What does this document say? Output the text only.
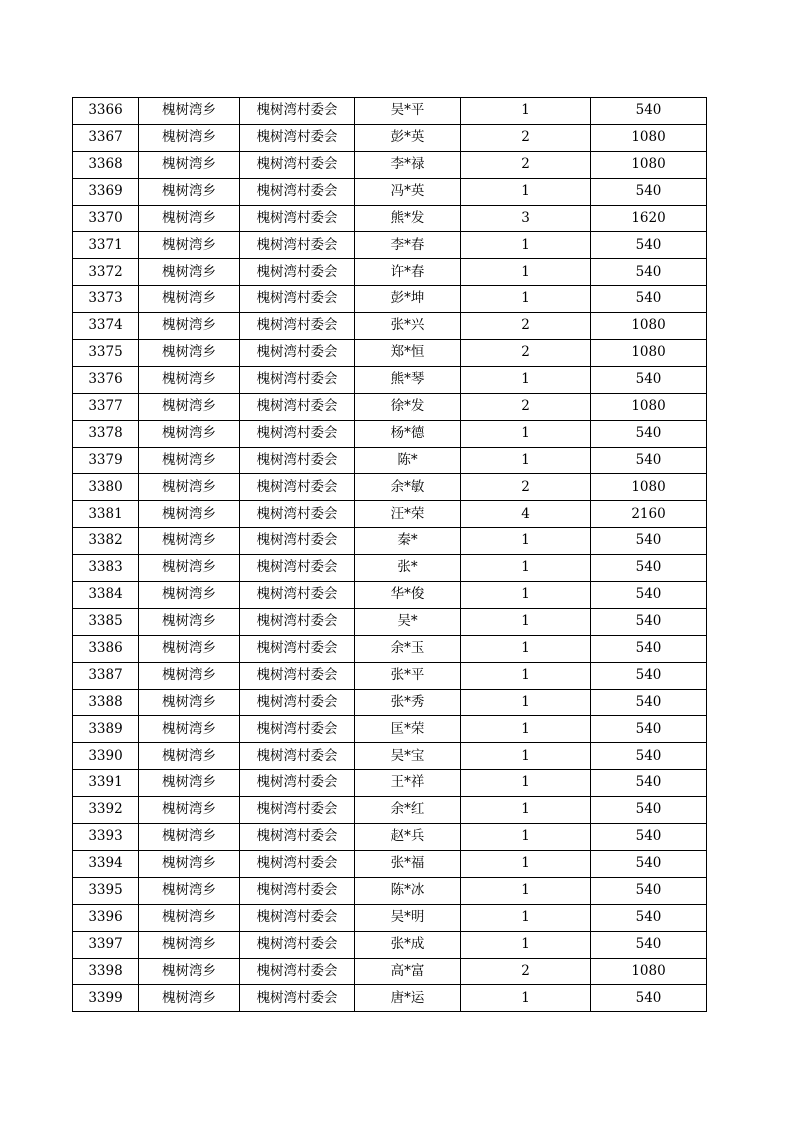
3366	槐树湾乡	槐树湾村委会	吴*平	1	540
3367	槐树湾乡	槐树湾村委会	彭*英	2	1080
3368	槐树湾乡	槐树湾村委会	李*禄	2	1080
3369	槐树湾乡	槐树湾村委会	冯*英	1	540
3370	槐树湾乡	槐树湾村委会	熊*发	3	1620
3371	槐树湾乡	槐树湾村委会	李*春	1	540
3372	槐树湾乡	槐树湾村委会	许*春	1	540
3373	槐树湾乡	槐树湾村委会	彭*坤	1	540
3374	槐树湾乡	槐树湾村委会	张*兴	2	1080
3375	槐树湾乡	槐树湾村委会	郑*恒	2	1080
3376	槐树湾乡	槐树湾村委会	熊*琴	1	540
3377	槐树湾乡	槐树湾村委会	徐*发	2	1080
3378	槐树湾乡	槐树湾村委会	杨*德	1	540
3379	槐树湾乡	槐树湾村委会	陈*	1	540
3380	槐树湾乡	槐树湾村委会	余*敏	2	1080
3381	槐树湾乡	槐树湾村委会	汪*荣	4	2160
3382	槐树湾乡	槐树湾村委会	秦*	1	540
3383	槐树湾乡	槐树湾村委会	张*	1	540
3384	槐树湾乡	槐树湾村委会	华*俊	1	540
3385	槐树湾乡	槐树湾村委会	吴*	1	540
3386	槐树湾乡	槐树湾村委会	余*玉	1	540
3387	槐树湾乡	槐树湾村委会	张*平	1	540
3388	槐树湾乡	槐树湾村委会	张*秀	1	540
3389	槐树湾乡	槐树湾村委会	匡*荣	1	540
3390	槐树湾乡	槐树湾村委会	吴*宝	1	540
3391	槐树湾乡	槐树湾村委会	王*祥	1	540
3392	槐树湾乡	槐树湾村委会	余*红	1	540
3393	槐树湾乡	槐树湾村委会	赵*兵	1	540
3394	槐树湾乡	槐树湾村委会	张*福	1	540
3395	槐树湾乡	槐树湾村委会	陈*冰	1	540
3396	槐树湾乡	槐树湾村委会	吴*明	1	540
3397	槐树湾乡	槐树湾村委会	张*成	1	540
3398	槐树湾乡	槐树湾村委会	高*富	2	1080
3399	槐树湾乡	槐树湾村委会	唐*运	1	540
